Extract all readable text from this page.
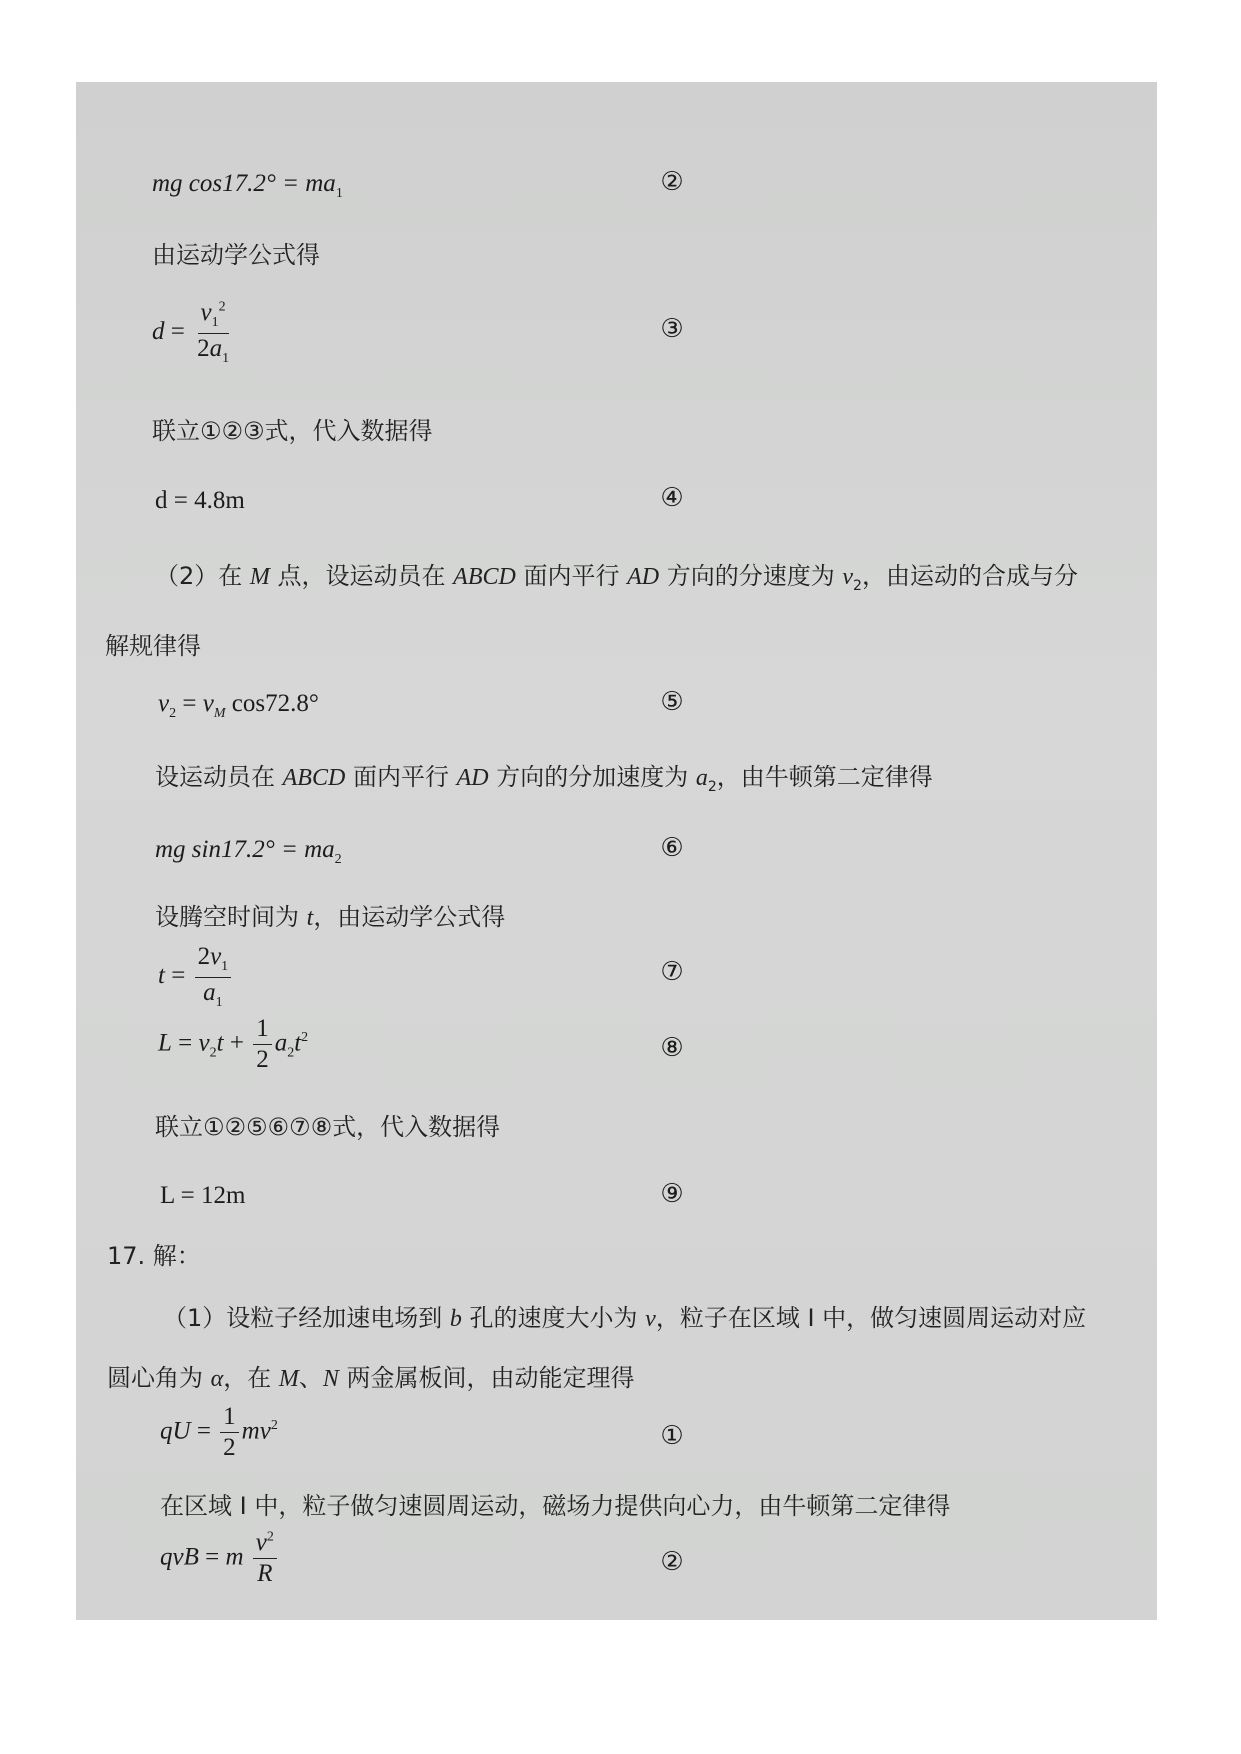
mg $\cos 17.2^\circ = ma_1$	②
由运动学公式得
$d = \frac{v_1^2}{2a_1}$	③
联立①②③式，代入数据得
d = 4.8m	④
（2）在 M 点，设运动员在 ABCD 面内平行 AD 方向的分速度为 $v_2$，由运动的合成与分
解规律得
$v_2 = v_M$ cos72.8°	⑤
设运动员在 ABCD 面内平行 AD 方向的分加速度为 $a_2$，由牛顿第二定律得
mg $\sin 17.2^\circ = ma_2$	⑥
设腾空时间为 t，由运动学公式得
$t = \frac{2v_1}{a_1}$	⑦
$L = v_2t + \frac{1}{2} a_2t^2$	⑧
联立①②⑤⑥⑦⑧式，代入数据得
L = 12m	⑨
17. 解：
（1）设粒子经加速电场到 b 孔的速度大小为 v，粒子在区域 I 中，做匀速圆周运动对应
圆心角为 α，在 M、N 两金属板间，由动能定理得
qU = $\frac{1}{2} mv^2$	①
在区域 I 中，粒子做匀速圆周运动，磁场力提供向心力，由牛顿第二定律得
qvB = m $\frac{v^2}{R}$	②
